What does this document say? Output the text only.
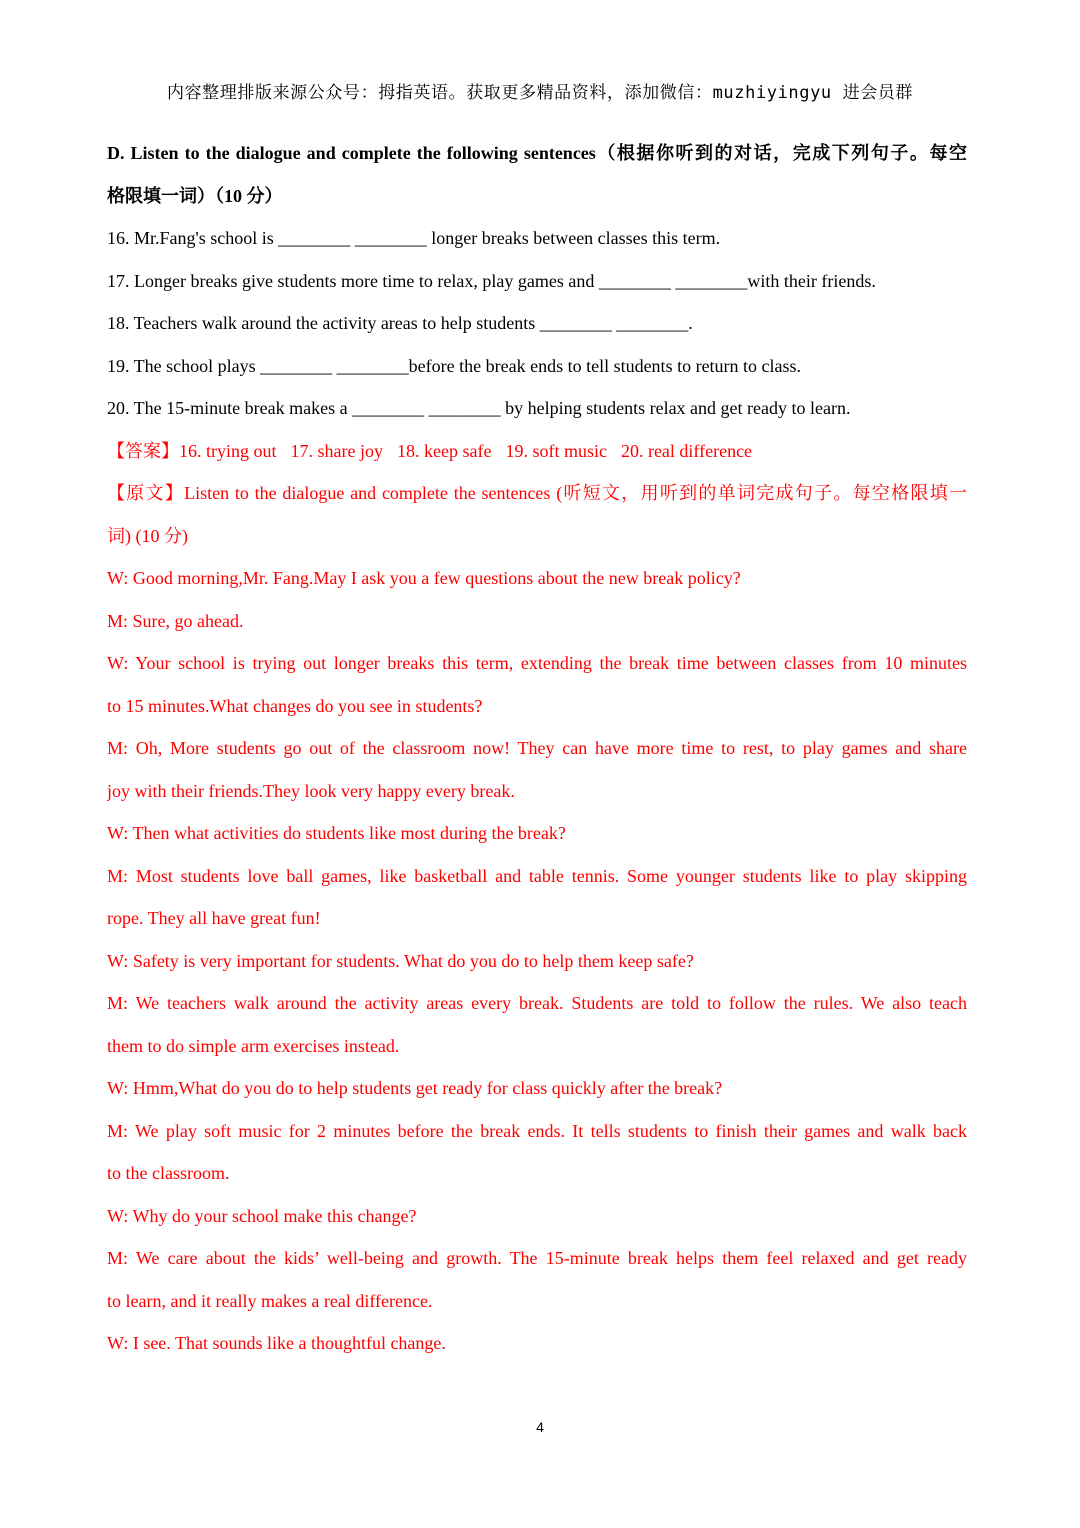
内容整理排版来源公众号：拇指英语。获取更多精品资料，添加微信：muzhiyingyu 进会员群
D. Listen to the dialogue and complete the following sentences（根据你听到的对话，完成下列句子。每空
格限填一词）（10 分）
16. Mr.Fang's school is ________ ________ longer breaks between classes this term.
17. Longer breaks give students more time to relax, play games and ________ ________with their friends.
18. Teachers walk around the activity areas to help students ________ ________.
19. The school plays ________ ________before the break ends to tell students to return to class.
20. The 15-minute break makes a ________ ________ by helping students relax and get ready to learn.
【答案】16. trying out 17. share joy 18. keep safe 19. soft music 20. real difference
【原文】Listen to the dialogue and complete the sentences (听短文，用听到的单词完成句子。每空格限填一
词) (10 分)
W: Good morning,Mr. Fang.May I ask you a few questions about the new break policy?
M: Sure, go ahead.
W: Your school is trying out longer breaks this term, extending the break time between classes from 10 minutes
to 15 minutes.What changes do you see in students?
M: Oh, More students go out of the classroom now! They can have more time to rest, to play games and share
joy with their friends.They look very happy every break.
W: Then what activities do students like most during the break?
M: Most students love ball games, like basketball and table tennis. Some younger students like to play skipping
rope. They all have great fun!
W: Safety is very important for students. What do you do to help them keep safe?
M: We teachers walk around the activity areas every break. Students are told to follow the rules. We also teach
them to do simple arm exercises instead.
W: Hmm,What do you do to help students get ready for class quickly after the break?
M: We play soft music for 2 minutes before the break ends. It tells students to finish their games and walk back
to the classroom.
W: Why do your school make this change?
M: We care about the kids’ well-being and growth. The 15-minute break helps them feel relaxed and get ready
to learn, and it really makes a real difference.
W: I see. That sounds like a thoughtful change.
4
